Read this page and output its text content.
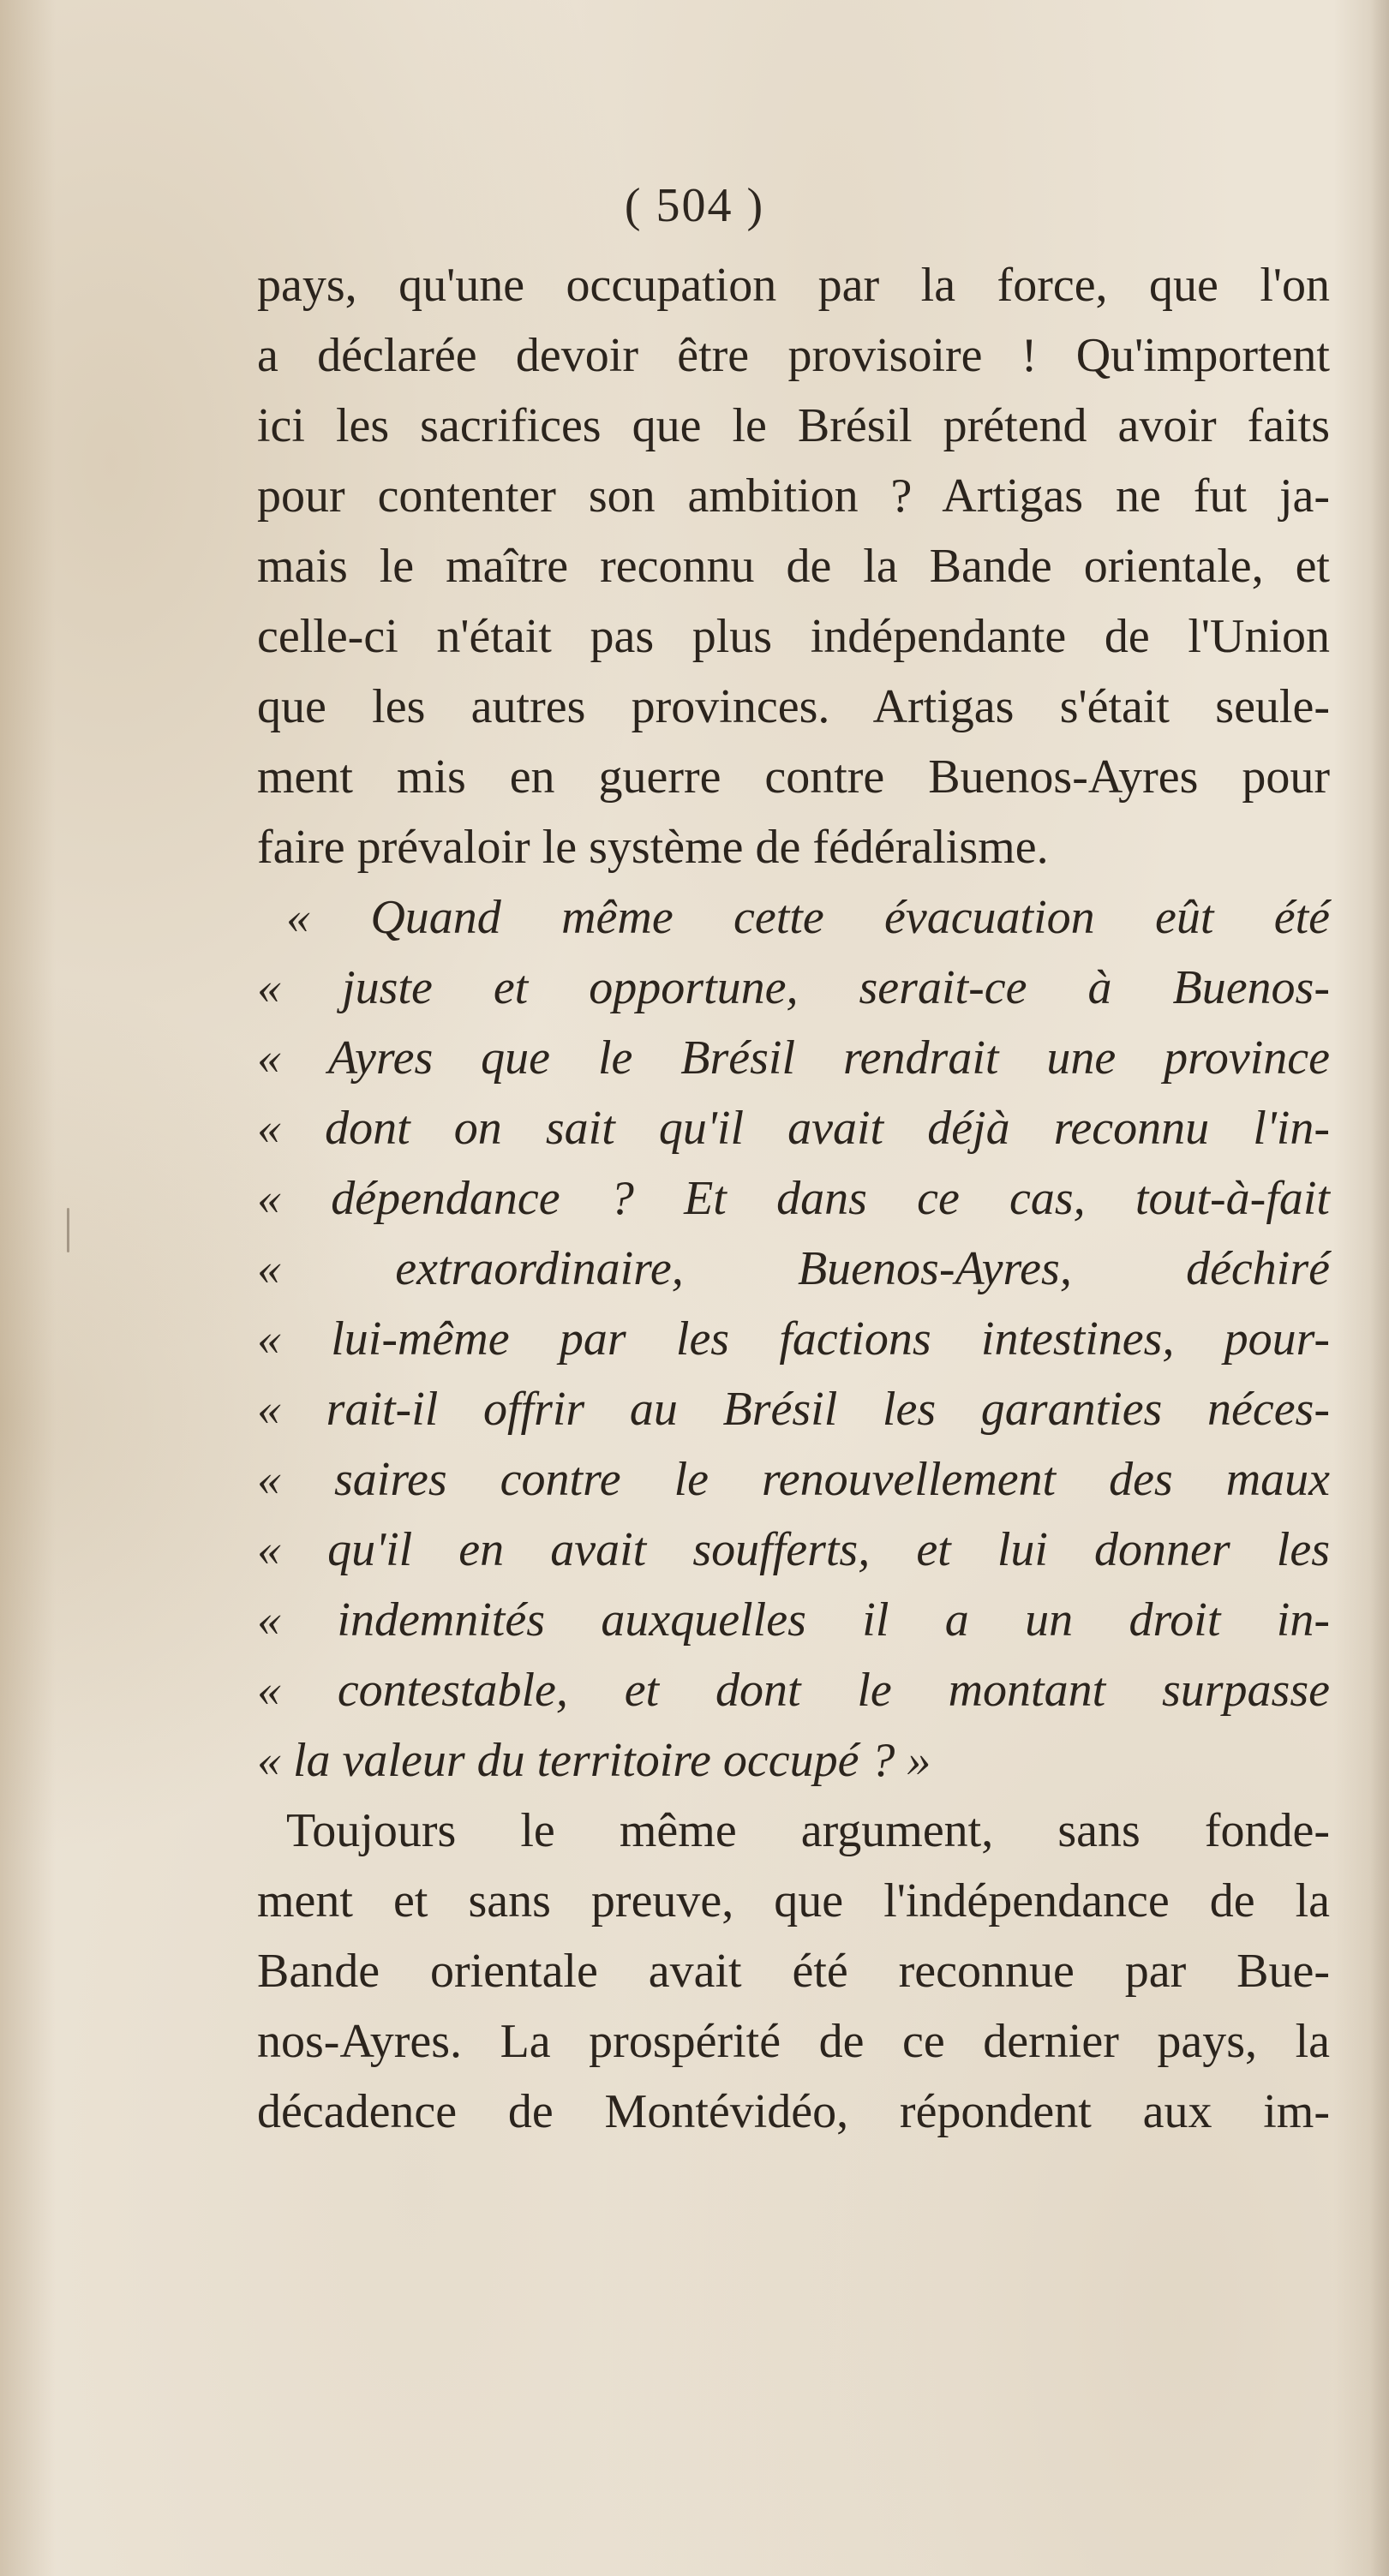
( 504 )
pays, qu'une occupation par la force, que l'on
a déclarée devoir être provisoire ! Qu'importent
ici les sacrifices que le Brésil prétend avoir faits
pour contenter son ambition ? Artigas ne fut ja-
mais le maître reconnu de la Bande orientale, et
celle-ci n'était pas plus indépendante de l'Union
que les autres provinces. Artigas s'était seule-
ment mis en guerre contre Buenos-Ayres pour
faire prévaloir le système de fédéralisme.
« Quand même cette évacuation eût été
« juste et opportune, serait-ce à Buenos-
« Ayres que le Brésil rendrait une province
« dont on sait qu'il avait déjà reconnu l'in-
« dépendance ? Et dans ce cas, tout-à-fait
« extraordinaire, Buenos-Ayres, déchiré
« lui-même par les factions intestines, pour-
« rait-il offrir au Brésil les garanties néces-
« saires contre le renouvellement des maux
« qu'il en avait soufferts, et lui donner les
« indemnités auxquelles il a un droit in-
« contestable, et dont le montant surpasse
« la valeur du territoire occupé ? »
Toujours le même argument, sans fonde-
ment et sans preuve, que l'indépendance de la
Bande orientale avait été reconnue par Bue-
nos-Ayres. La prospérité de ce dernier pays, la
décadence de Montévidéo, répondent aux im-
